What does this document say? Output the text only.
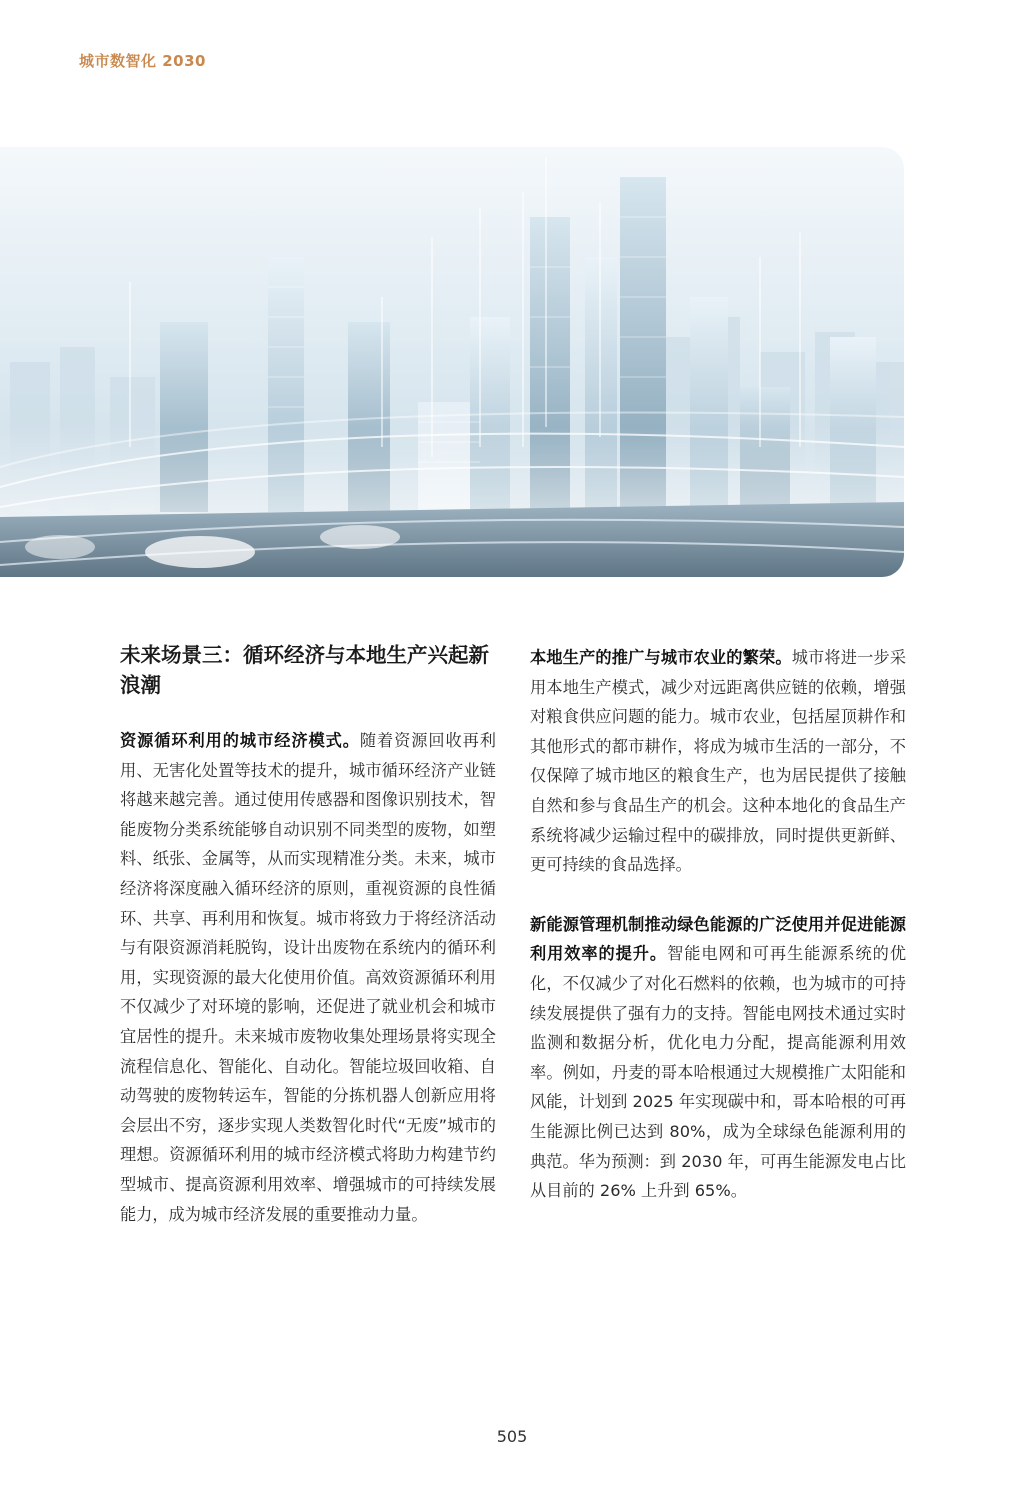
城市数智化 2030
未来场景三：循环经济与本地生产兴起新浪潮

资源循环利用的城市经济模式。随着资源回收再利用、无害化处置等技术的提升，城市循环经济产业链将越来越完善。通过使用传感器和图像识别技术，智能废物分类系统能够自动识别不同类型的废物，如塑料、纸张、金属等，从而实现精准分类。未来，城市经济将深度融入循环经济的原则，重视资源的良性循环、共享、再利用和恢复。城市将致力于将经济活动与有限资源消耗脱钩，设计出废物在系统内的循环利用，实现资源的最大化使用价值。高效资源循环利用不仅减少了对环境的影响，还促进了就业机会和城市宜居性的提升。未来城市废物收集处理场景将实现全流程信息化、智能化、自动化。智能垃圾回收箱、自动驾驶的废物转运车，智能的分拣机器人创新应用将会层出不穷，逐步实现人类数智化时代“无废”城市的理想。资源循环利用的城市经济模式将助力构建节约型城市、提高资源利用效率、增强城市的可持续发展能力，成为城市经济发展的重要推动力量。

本地生产的推广与城市农业的繁荣。城市将进一步采用本地生产模式，减少对远距离供应链的依赖，增强对粮食供应问题的能力。城市农业，包括屋顶耕作和其他形式的都市耕作，将成为城市生活的一部分，不仅保障了城市地区的粮食生产，也为居民提供了接触自然和参与食品生产的机会。这种本地化的食品生产系统将减少运输过程中的碳排放，同时提供更新鲜、更可持续的食品选择。

新能源管理机制推动绿色能源的广泛使用并促进能源利用效率的提升。智能电网和可再生能源系统的优化，不仅减少了对化石燃料的依赖，也为城市的可持续发展提供了强有力的支持。智能电网技术通过实时监测和数据分析，优化电力分配，提高能源利用效率。例如，丹麦的哥本哈根通过大规模推广太阳能和风能，计划到 2025 年实现碳中和，哥本哈根的可再生能源比例已达到 80%，成为全球绿色能源利用的典范。华为预测：到 2030 年，可再生能源发电占比从目前的 26% 上升到 65%。

505
